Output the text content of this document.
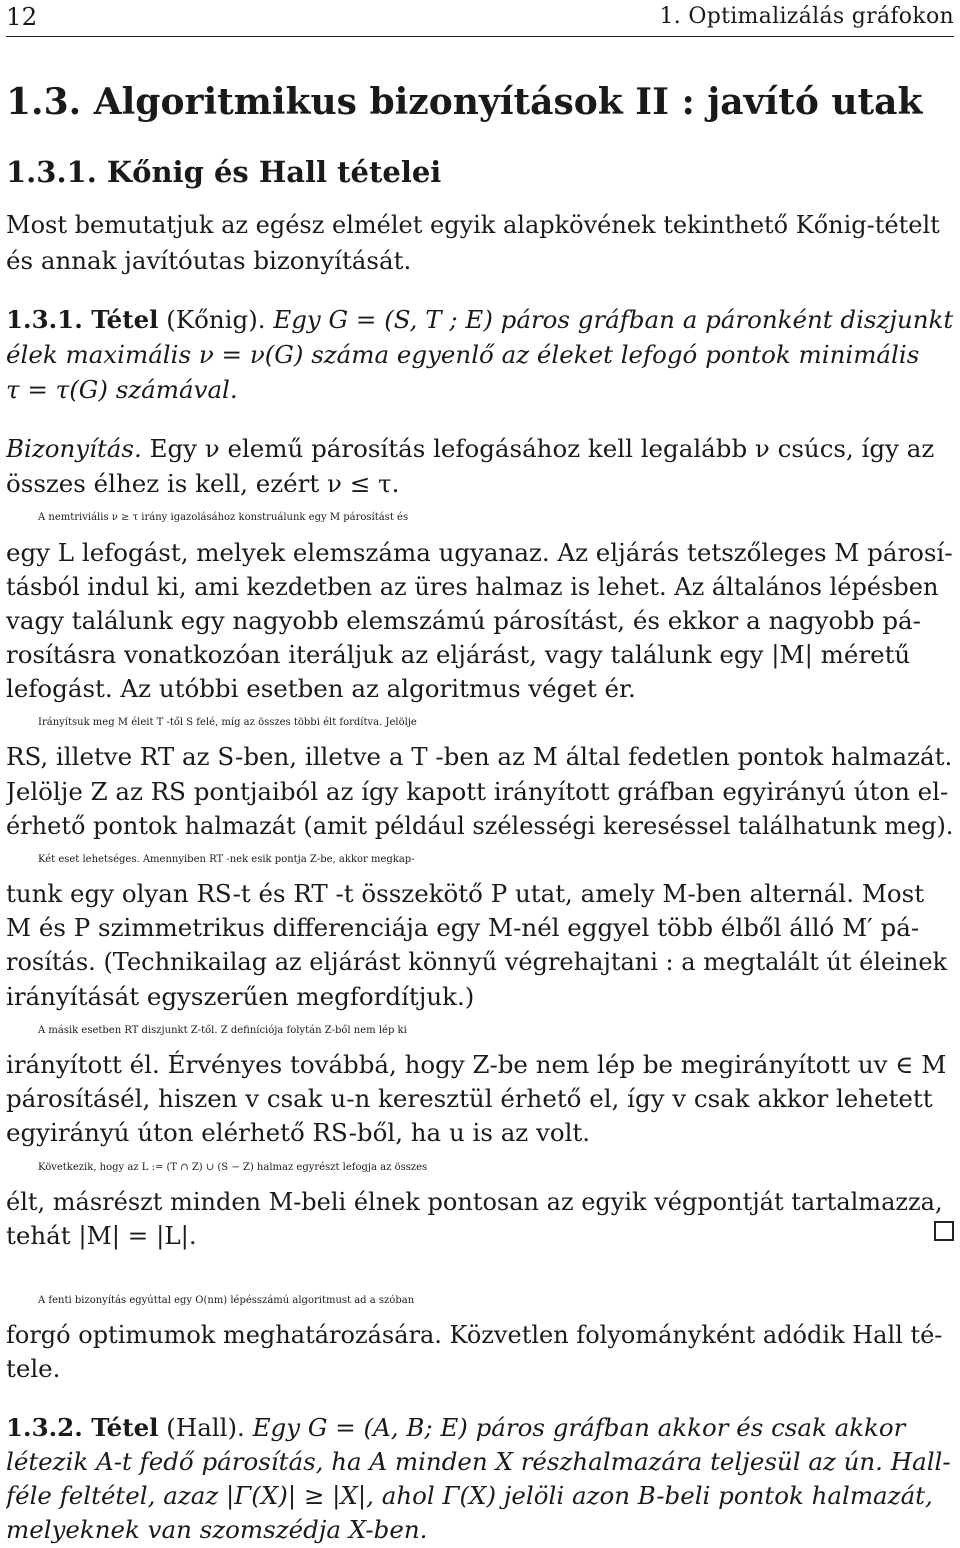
12	1. Optimalizálás gráfokon
1.3. Algoritmikus bizonyítások II : javító utak
1.3.1. Kőnig és Hall tételei
Most bemutatjuk az egész elmélet egyik alapkövének tekinthető Kőnig-tételt
és annak javítóutas bizonyítását.
1.3.1. Tétel (Kőnig). Egy G = (S, T ; E) páros gráfban a páronként diszjunkt
élek maximális ν = ν(G) száma egyenlő az éleket lefogó pontok minimális
τ = τ(G) számával.
Bizonyítás. Egy ν elemű párosítás lefogásához kell legalább ν csúcs, így az
összes élhez is kell, ezért ν ≤ τ.
A nemtriviális ν ≥ τ irány igazolásához konstruálunk egy M párosítást és
egy L lefogást, melyek elemszáma ugyanaz. Az eljárás tetszőleges M párosí-
tásból indul ki, ami kezdetben az üres halmaz is lehet. Az általános lépésben
vagy találunk egy nagyobb elemszámú párosítást, és ekkor a nagyobb pá-
rosításra vonatkozóan iteráljuk az eljárást, vagy találunk egy |M| méretű
lefogást. Az utóbbi esetben az algoritmus véget ér.
Irányítsuk meg M éleit T -től S felé, míg az összes többi élt fordítva. Jelölje
RS, illetve RT az S-ben, illetve a T -ben az M által fedetlen pontok halmazát.
Jelölje Z az RS pontjaiból az így kapott irányított gráfban egyirányú úton el-
érhető pontok halmazát (amit például szélességi kereséssel találhatunk meg).
Két eset lehetséges. Amennyiben RT -nek esik pontja Z-be, akkor megkap-
tunk egy olyan RS-t és RT -t összekötő P utat, amely M-ben alternál. Most
M és P szimmetrikus differenciája egy M-nél eggyel több élből álló M′ pá-
rosítás. (Technikailag az eljárást könnyű végrehajtani : a megtalált út éleinek
irányítását egyszerűen megfordítjuk.)
A másik esetben RT diszjunkt Z-től. Z definíciója folytán Z-ből nem lép ki
irányított él. Érvényes továbbá, hogy Z-be nem lép be megirányított uv ∈ M
párosításél, hiszen v csak u-n keresztül érhető el, így v csak akkor lehetett
egyirányú úton elérhető RS-ből, ha u is az volt.
Következik, hogy az L := (T ∩ Z) ∪ (S − Z) halmaz egyrészt lefogja az összes
élt, másrészt minden M-beli élnek pontosan az egyik végpontját tartalmazza,
tehát |M| = |L|.
A fenti bizonyítás egyúttal egy O(nm) lépésszámú algoritmust ad a szóban
forgó optimumok meghatározására. Közvetlen folyományként adódik Hall té-
tele.
1.3.2. Tétel (Hall). Egy G = (A, B; E) páros gráfban akkor és csak akkor
létezik A-t fedő párosítás, ha A minden X részhalmazára teljesül az ún. Hall-
féle feltétel, azaz |Γ(X)| ≥ |X|, ahol Γ(X) jelöli azon B-beli pontok halmazát,
melyeknek van szomszédja X-ben.
